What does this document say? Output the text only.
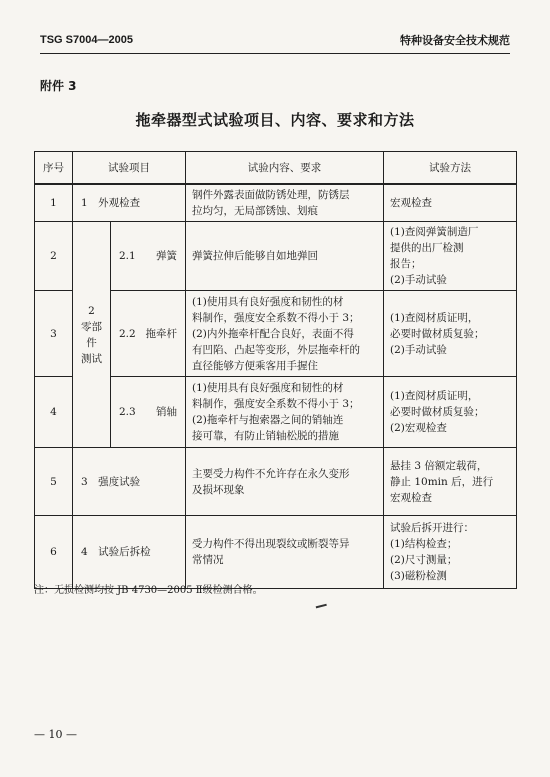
TSG S7004—2005	特种设备安全技术规范
附件 3
拖牵器型式试验项目、内容、要求和方法
序号	试验项目		试验内容、要求	试验方法
1	1　外观检查		钢件外露表面做防锈处理，防锈层
拉均匀，无局部锈蚀、划痕	宏观检查

2	2
零部
件
测试	2.1 弹簧	弹簧拉伸后能够自如地弹回	(1)查阅弹簧制造厂
提供的出厂检测
报告；
(2)手动试验

3		2.2 拖牵杆	(1)使用具有良好强度和韧性的材
料制作，强度安全系数不得小于 3；
(2)内外拖牵杆配合良好，表面不得
有凹陷、凸起等变形，外层拖牵杆的
直径能够方便乘客用手握住	(1)查阅材质证明，
必要时做材质复验；
(2)手动试验

4		2.3 销轴	(1)使用具有良好强度和韧性的材
料制作，强度安全系数不得小于 3；
(2)拖牵杆与抱索器之间的销轴连
接可靠，有防止销轴松脱的措施	(1)查阅材质证明，
必要时做材质复验；
(2)宏观检查

5	3　强度试验		主要受力构件不允许存在永久变形
及损坏现象	悬挂 3 倍额定载荷，
静止 10min 后，进行
宏观检查

6	4　试验后拆检		受力构件不得出现裂纹或断裂等异
常情况	试验后拆开进行：
(1)结构检查；
(2)尺寸测量；
(3)磁粉检测
注：无损检测均按 JB 4730—2005 Ⅱ级检测合格。
— 10 —
